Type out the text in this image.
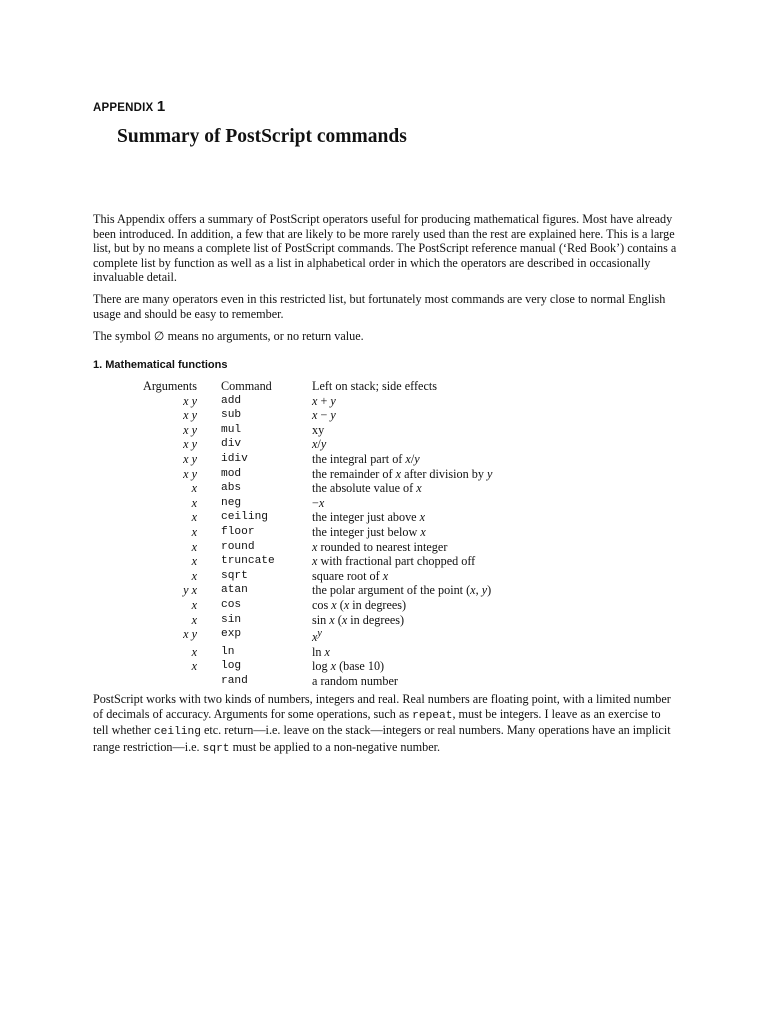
APPENDIX 1
Summary of PostScript commands

This Appendix offers a summary of PostScript operators useful for producing mathematical figures. Most have already been introduced. In addition, a few that are likely to be more rarely used than the rest are explained here. This is a large list, but by no means a complete list of PostScript commands. The PostScript reference manual (‘Red Book’) contains a complete list by function as well as a list in alphabetical order in which the operators are described in occasionally invaluable detail.

There are many operators even in this restricted list, but fortunately most commands are very close to normal English usage and should be easy to remember.

The symbol ∅ means no arguments, or no return value.

1. Mathematical functions
Arguments	Command	Left on stack; side effects
x y	add	x + y
x y	sub	x − y
x y	mul	xy
x y	div	x/y
x y	idiv	the integral part of x/y
x y	mod	the remainder of x after division by y
x	abs	the absolute value of x
x	neg	−x
x	ceiling	the integer just above x
x	floor	the integer just below x
x	round	x rounded to nearest integer
x	truncate	x with fractional part chopped off
x	sqrt	square root of x
y x	atan	the polar argument of the point (x, y)
x	cos	cos x (x in degrees)
x	sin	sin x (x in degrees)
x y	exp	$x^y$
x	ln	ln x
x	log	log x (base 10)
	rand	a random number

PostScript works with two kinds of numbers, integers and real. Real numbers are floating point, with a limited number of decimals of accuracy. Arguments for some operations, such as repeat, must be integers. I leave as an exercise to tell whether ceiling etc. return—i.e. leave on the stack—integers or real numbers. Many operations have an implicit range restriction—i.e. sqrt must be applied to a non-negative number.
